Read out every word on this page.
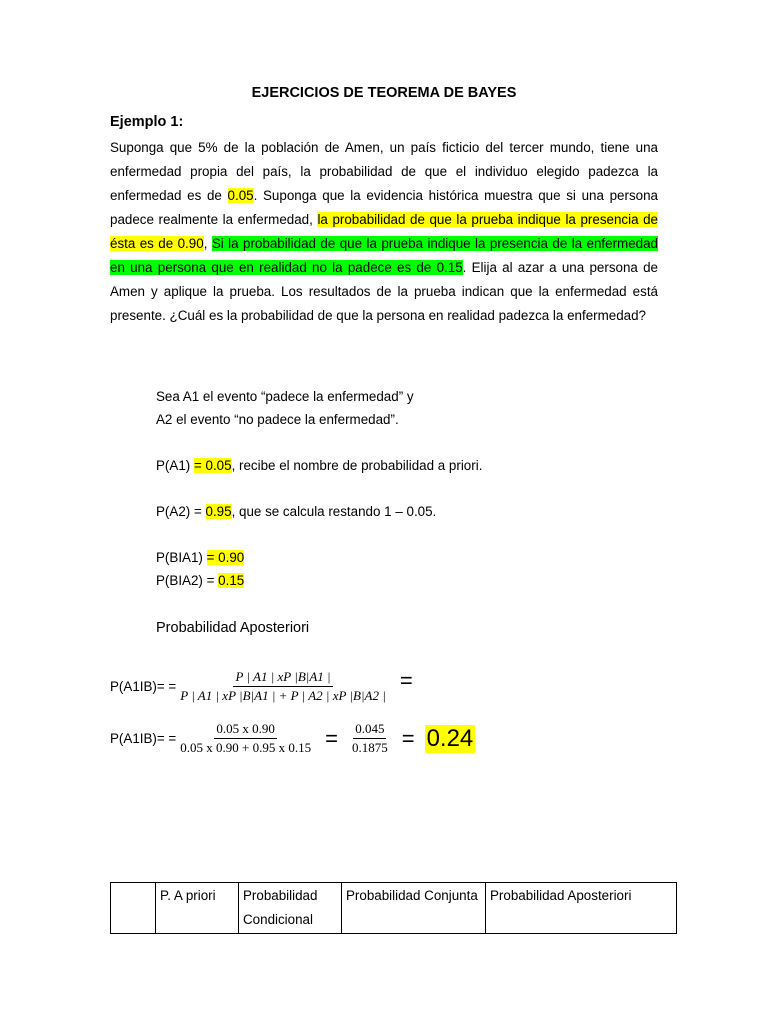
EJERCICIOS DE TEOREMA DE BAYES
Ejemplo 1:
Suponga que 5% de la población de Amen, un país ficticio del tercer mundo, tiene una enfermedad propia del país, la probabilidad de que el individuo elegido padezca la enfermedad es de 0.05. Suponga que la evidencia histórica muestra que si una persona padece realmente la enfermedad, la probabilidad de que la prueba indique la presencia de ésta es de 0.90, Si la probabilidad de que la prueba indique la presencia de la enfermedad en una persona que en realidad no la padece es de 0.15. Elija al azar a una persona de Amen y aplique la prueba. Los resultados de la prueba indican que la enfermedad está presente. ¿Cuál es la probabilidad de que la persona en realidad padezca la enfermedad?
Sea A1 el evento “padece la enfermedad” y
A2 el evento “no padece la enfermedad”.
P(A1) = 0.05, recibe el nombre de probabilidad a priori.
P(A2) = 0.95, que se calcula restando 1 – 0.05.
P(BIA1) = 0.90
P(BIA2) = 0.15
Probabilidad Aposteriori
$P(A1IB)= = \frac{P | A1 | xP |B|A1 |}{P | A1 | xP |B|A1 | + P | A2 | xP |B|A2 |}$ =
$P(A1IB)= = \frac{0.05 x 0.90}{0.05 x 0.90 + 0.95 x 0.15} = \frac{0.045}{0.1875} = 0.24$
	P. A priori	Probabilidad Condicional	Probabilidad Conjunta	Probabilidad Aposteriori
